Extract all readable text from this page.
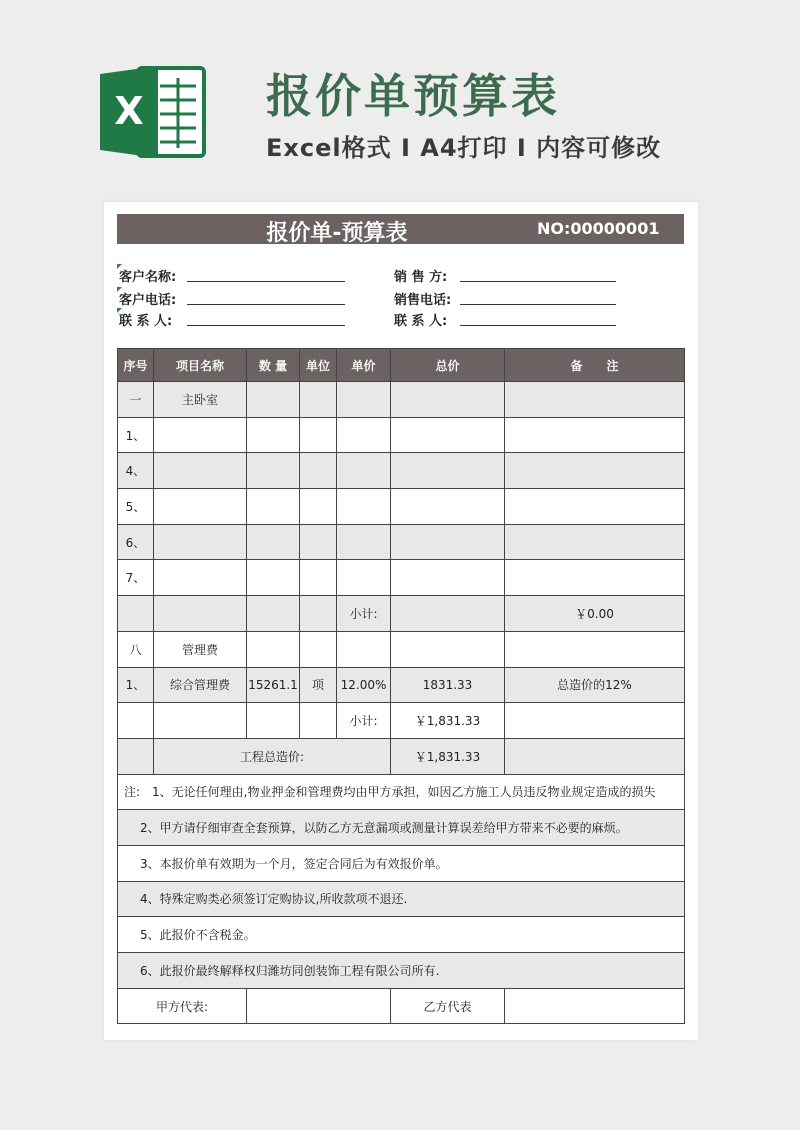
X	报价单预算表
Excel格式 I A4打印 I 内容可修改
报价单-预算表	NO:00000001
客户名称:
客户电话:
联 系 人:
销 售 方:
销售电话:
联 系 人:
序号	项目名称	数 量	单位	单价	总价	备　　注
一	主卧室					
1、						
4、						
5、						
6、						
7、						
				小计:		￥0.00
八	管理费					
1、	综合管理费	15261.1	项	12.00%	1831.33	总造价的12%
				小计:	￥1,831.33	
	工程总造价:				￥1,831.33	
注:　1、无论任何理由,物业押金和管理费均由甲方承担，如因乙方施工人员违反物业规定造成的损失						
2、甲方请仔细审查全套预算，以防乙方无意漏项或测量计算误差给甲方带来不必要的麻烦。						
3、本报价单有效期为一个月，签定合同后为有效报价单。						
4、特殊定购类必须签订定购协议,所收款项不退还.						
5、此报价不含税金。						
6、此报价最终解释权归潍坊同创装饰工程有限公司所有.						
甲方代表:					乙方代表	
